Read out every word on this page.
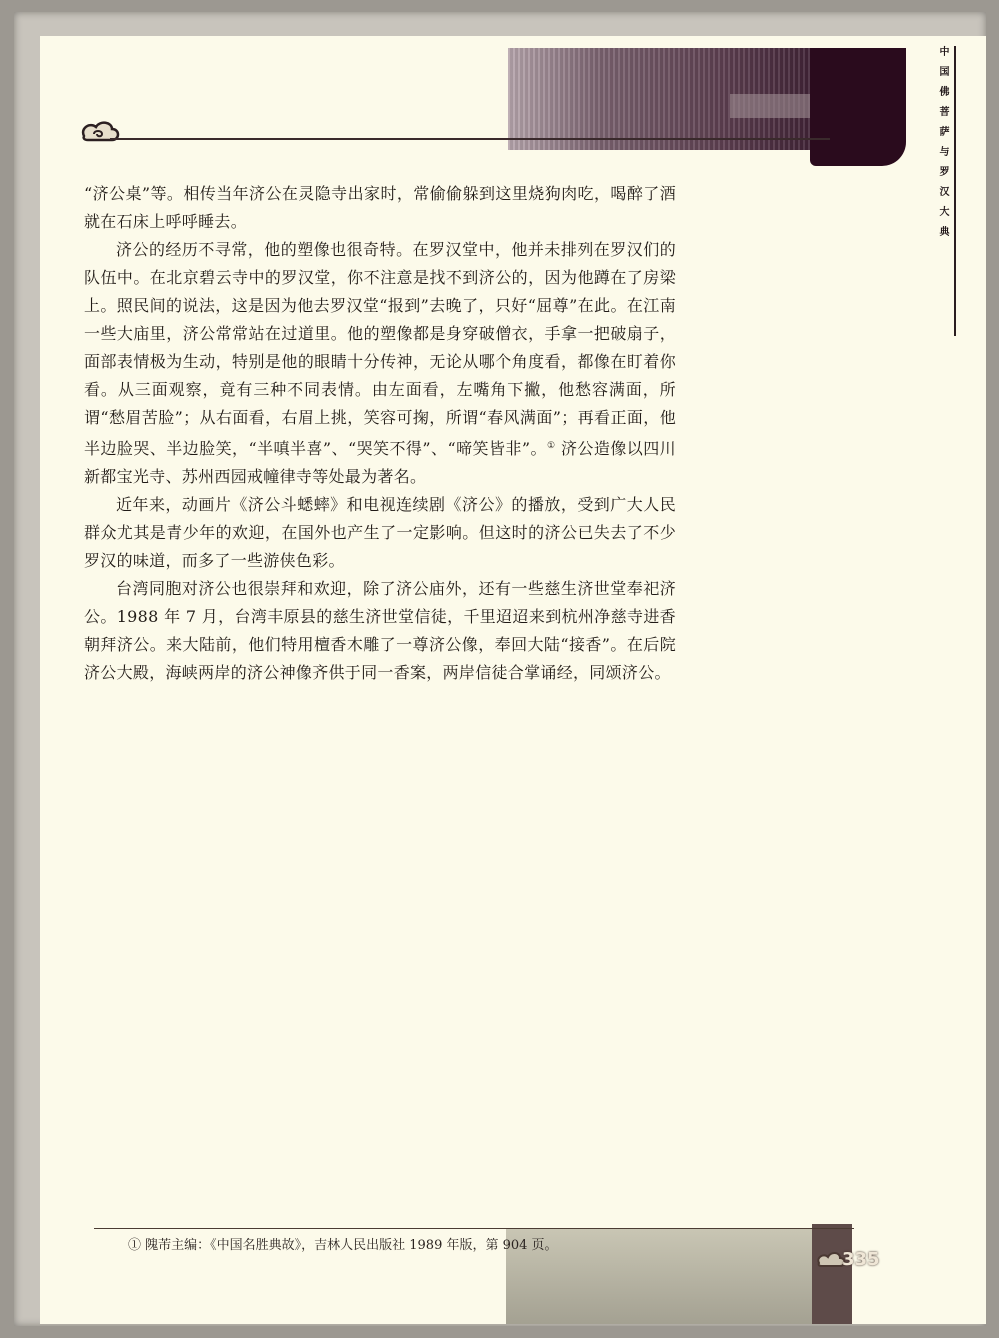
中国佛菩萨与罗汉大典

“济公桌”等。相传当年济公在灵隐寺出家时，常偷偷躲到这里烧狗肉吃，喝醉了酒就在石床上呼呼睡去。

济公的经历不寻常，他的塑像也很奇特。在罗汉堂中，他并未排列在罗汉们的队伍中。在北京碧云寺中的罗汉堂，你不注意是找不到济公的，因为他蹲在了房梁上。照民间的说法，这是因为他去罗汉堂“报到”去晚了，只好“屈尊”在此。在江南一些大庙里，济公常常站在过道里。他的塑像都是身穿破僧衣，手拿一把破扇子，面部表情极为生动，特别是他的眼睛十分传神，无论从哪个角度看，都像在盯着你看。从三面观察，竟有三种不同表情。由左面看，左嘴角下撇，他愁容满面，所谓“愁眉苦脸”；从右面看，右眉上挑，笑容可掬，所谓“春风满面”；再看正面，他半边脸哭、半边脸笑，“半嗔半喜”、“哭笑不得”、“啼笑皆非”。① 济公造像以四川新都宝光寺、苏州西园戒幢律寺等处最为著名。

近年来，动画片《济公斗蟋蟀》和电视连续剧《济公》的播放，受到广大人民群众尤其是青少年的欢迎，在国外也产生了一定影响。但这时的济公已失去了不少罗汉的味道，而多了一些游侠色彩。

台湾同胞对济公也很崇拜和欢迎，除了济公庙外，还有一些慈生济世堂奉祀济公。1988 年 7 月，台湾丰原县的慈生济世堂信徒，千里迢迢来到杭州净慈寺进香朝拜济公。来大陆前，他们特用檀香木雕了一尊济公像，奉回大陆“接香”。在后院济公大殿，海峡两岸的济公神像齐供于同一香案，两岸信徒合掌诵经，同颂济公。

① 隗芾主编：《中国名胜典故》，吉林人民出版社 1989 年版，第 904 页。
335
